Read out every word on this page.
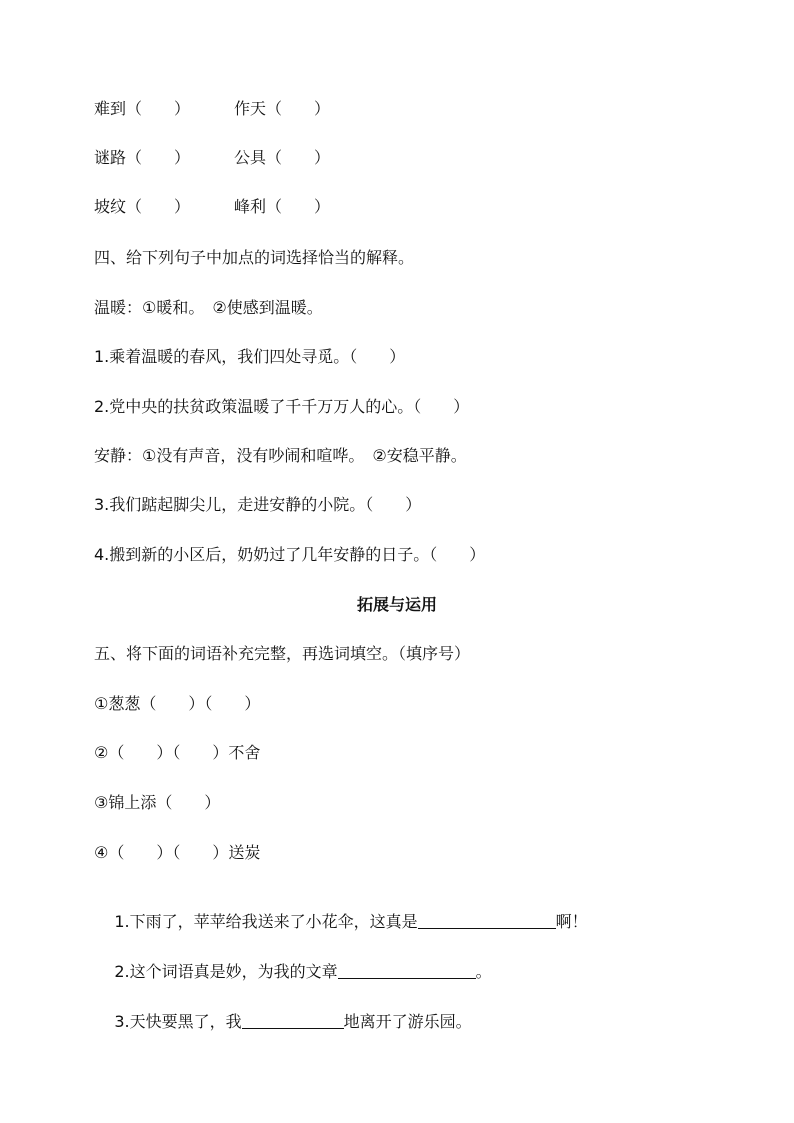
难到（　　）	作天（　　）
谜路（　　）	公具（　　）
坡纹（　　）	峰利（　　）
四、给下列句子中加点的词选择恰当的解释。
温暖：①暖和。　②使感到温暖。
1.乘着温暖的春风，我们四处寻觅。（　　）
2.党中央的扶贫政策温暖了千千万万人的心。（　　）
安静：①没有声音，没有吵闹和喧哗。　②安稳平静。
3.我们踮起脚尖儿，走进安静的小院。（　　）
4.搬到新的小区后，奶奶过了几年安静的日子。（　　）
拓展与运用
五、将下面的词语补充完整，再选词填空。（填序号）
①葱葱（　　）（　　）
②（　　）（　　）不舍
③锦上添（　　）
④（　　）（　　）送炭

1.下雨了，苹苹给我送来了小花伞，这真是	啊！

2.这个词语真是妙，为我的文章	。

3.天快要黑了，我	地离开了游乐园。
